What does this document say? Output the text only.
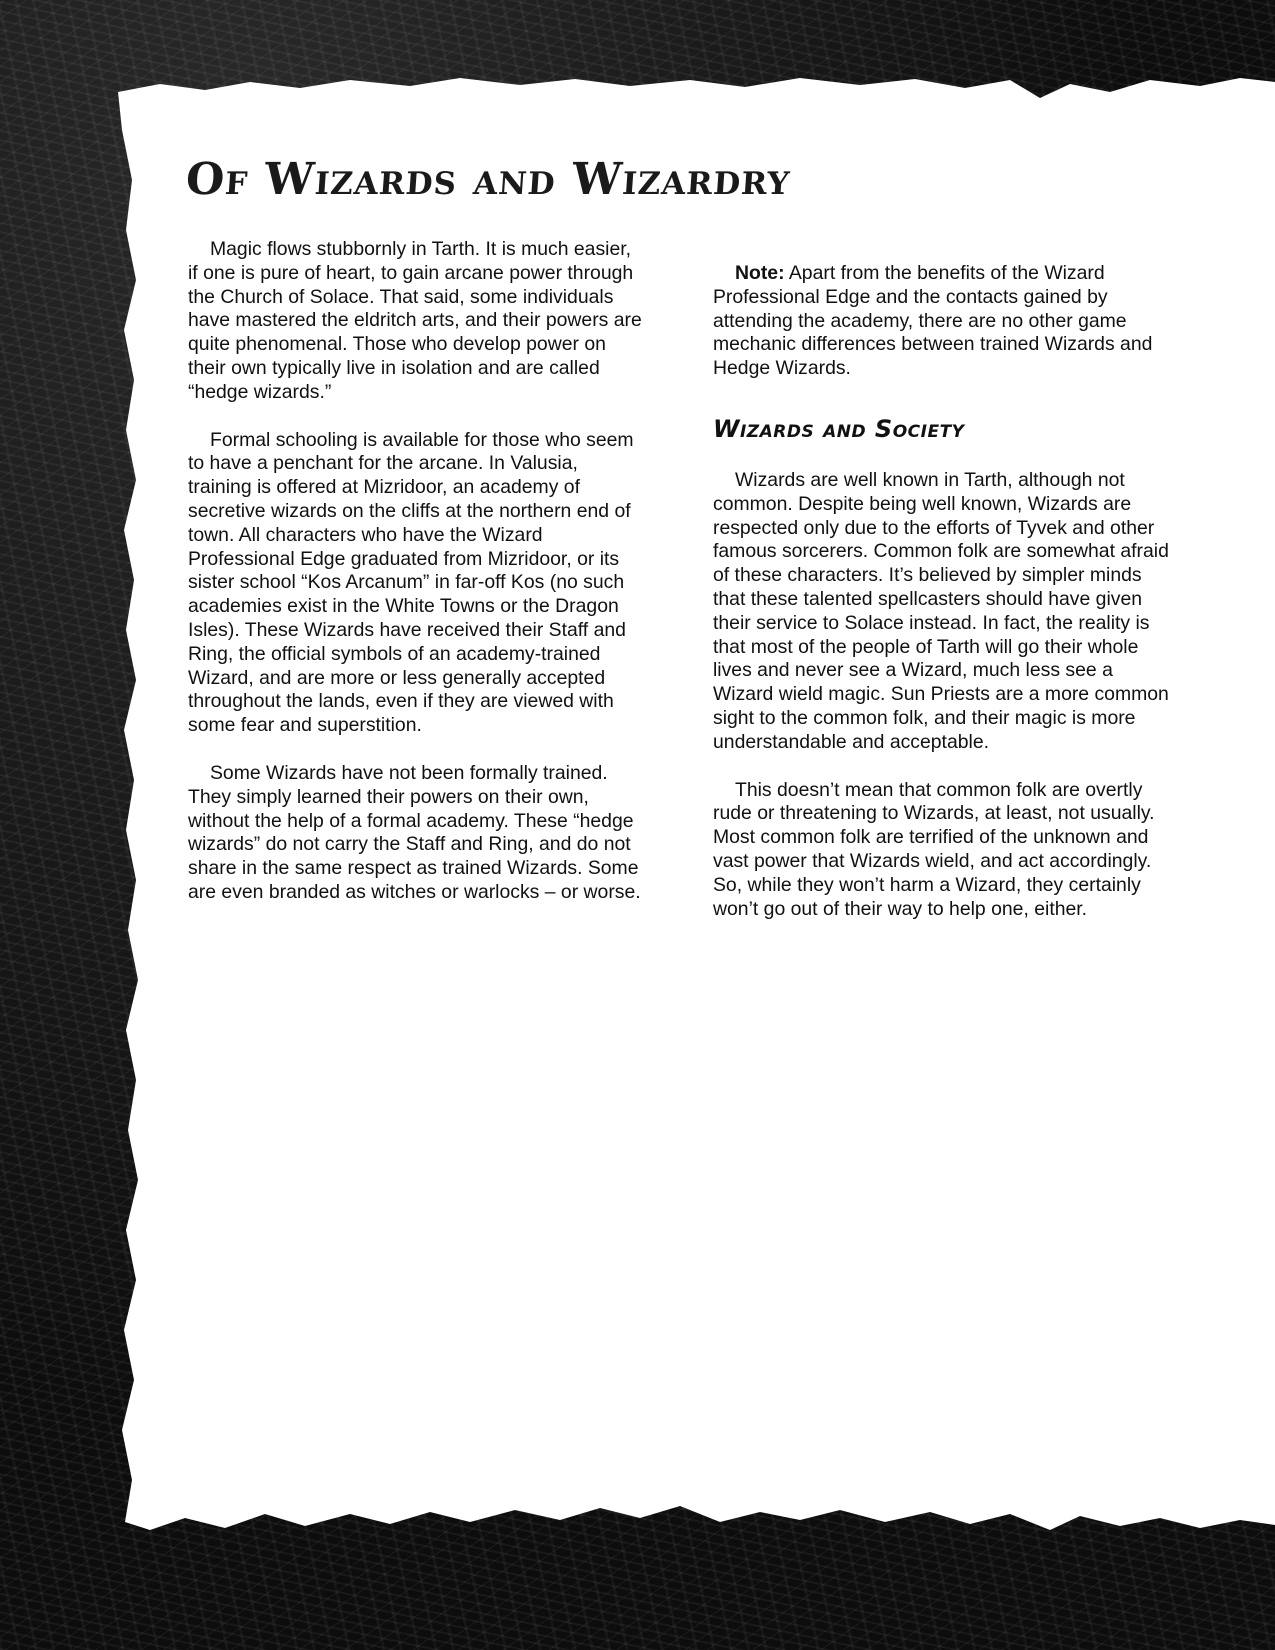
Of Wizards and Wizardry

Magic flows stubbornly in Tarth. It is much easier, if one is pure of heart, to gain arcane power through the Church of Solace. That said, some individuals have mastered the eldritch arts, and their powers are quite phenomenal. Those who develop power on their own typically live in isolation and are called “hedge wizards.”

Formal schooling is available for those who seem to have a penchant for the arcane. In Valusia, training is offered at Mizridoor, an academy of secretive wizards on the cliffs at the northern end of town. All characters who have the Wizard Professional Edge graduated from Mizridoor, or its sister school “Kos Arcanum” in far-off Kos (no such academies exist in the White Towns or the Dragon Isles). These Wizards have received their Staff and Ring, the official symbols of an academy-trained Wizard, and are more or less generally accepted throughout the lands, even if they are viewed with some fear and superstition.

Some Wizards have not been formally trained. They simply learned their powers on their own, without the help of a formal academy. These “hedge wizards” do not carry the Staff and Ring, and do not share in the same respect as trained Wizards. Some are even branded as witches or warlocks – or worse.

Note: Apart from the benefits of the Wizard Professional Edge and the contacts gained by attending the academy, there are no other game mechanic differences between trained Wizards and Hedge Wizards.

Wizards and Society

Wizards are well known in Tarth, although not common. Despite being well known, Wizards are respected only due to the efforts of Tyvek and other famous sorcerers. Common folk are somewhat afraid of these characters. It’s believed by simpler minds that these talented spellcasters should have given their service to Solace instead. In fact, the reality is that most of the people of Tarth will go their whole lives and never see a Wizard, much less see a Wizard wield magic. Sun Priests are a more common sight to the common folk, and their magic is more understandable and acceptable.

This doesn’t mean that common folk are overtly rude or threatening to Wizards, at least, not usually. Most common folk are terrified of the unknown and vast power that Wizards wield, and act accordingly. So, while they won’t harm a Wizard, they certainly won’t go out of their way to help one, either.
